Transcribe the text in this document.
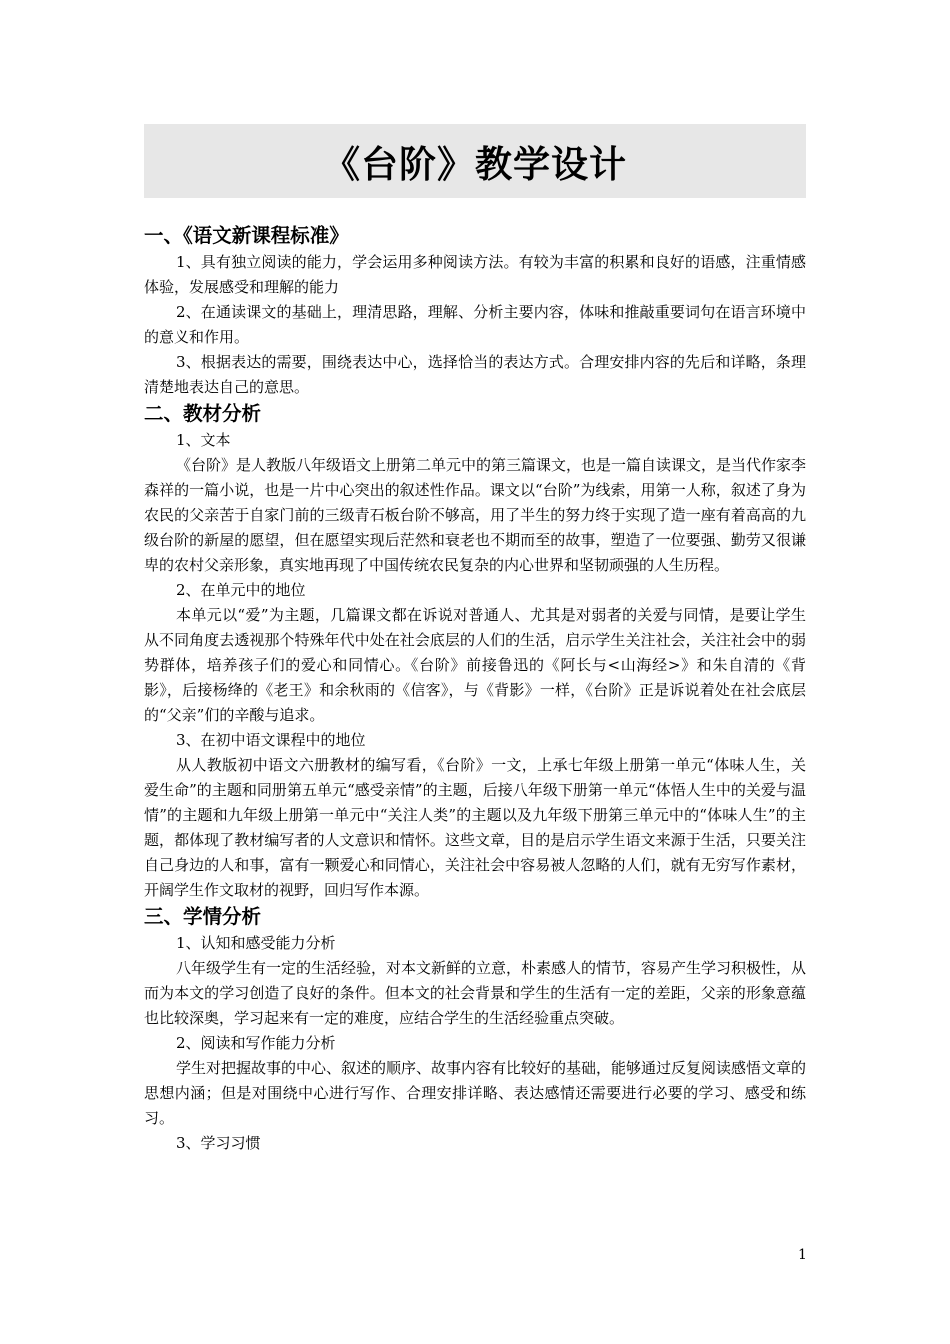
《台阶》教学设计
一、《语文新课程标准》
1、具有独立阅读的能力，学会运用多种阅读方法。有较为丰富的积累和良好的语感，注重情感体验，发展感受和理解的能力
2、在通读课文的基础上，理清思路，理解、分析主要内容，体味和推敲重要词句在语言环境中的意义和作用。
3、根据表达的需要，围绕表达中心，选择恰当的表达方式。合理安排内容的先后和详略，条理清楚地表达自己的意思。
二、教材分析
1、文本
《台阶》是人教版八年级语文上册第二单元中的第三篇课文，也是一篇自读课文，是当代作家李森祥的一篇小说，也是一片中心突出的叙述性作品。课文以“台阶”为线索，用第一人称，叙述了身为农民的父亲苦于自家门前的三级青石板台阶不够高，用了半生的努力终于实现了造一座有着高高的九级台阶的新屋的愿望，但在愿望实现后茫然和衰老也不期而至的故事，塑造了一位要强、勤劳又很谦卑的农村父亲形象，真实地再现了中国传统农民复杂的内心世界和坚韧顽强的人生历程。
2、在单元中的地位
本单元以“爱”为主题，几篇课文都在诉说对普通人、尤其是对弱者的关爱与同情，是要让学生从不同角度去透视那个特殊年代中处在社会底层的人们的生活，启示学生关注社会，关注社会中的弱势群体，培养孩子们的爱心和同情心。《台阶》前接鲁迅的《阿长与<山海经>》和朱自清的《背影》，后接杨绛的《老王》和余秋雨的《信客》，与《背影》一样，《台阶》正是诉说着处在社会底层的“父亲”们的辛酸与追求。
3、在初中语文课程中的地位
从人教版初中语文六册教材的编写看，《台阶》一文，上承七年级上册第一单元“体味人生，关爱生命”的主题和同册第五单元“感受亲情”的主题，后接八年级下册第一单元“体悟人生中的关爱与温情”的主题和九年级上册第一单元中“关注人类”的主题以及九年级下册第三单元中的“体味人生”的主题，都体现了教材编写者的人文意识和情怀。这些文章，目的是启示学生语文来源于生活，只要关注自己身边的人和事，富有一颗爱心和同情心，关注社会中容易被人忽略的人们，就有无穷写作素材，开阔学生作文取材的视野，回归写作本源。
三、学情分析
1、认知和感受能力分析
八年级学生有一定的生活经验，对本文新鲜的立意，朴素感人的情节，容易产生学习积极性，从而为本文的学习创造了良好的条件。但本文的社会背景和学生的生活有一定的差距，父亲的形象意蕴也比较深奥，学习起来有一定的难度，应结合学生的生活经验重点突破。
2、阅读和写作能力分析
学生对把握故事的中心、叙述的顺序、故事内容有比较好的基础，能够通过反复阅读感悟文章的思想内涵；但是对围绕中心进行写作、合理安排详略、表达感情还需要进行必要的学习、感受和练习。
3、学习习惯
1
